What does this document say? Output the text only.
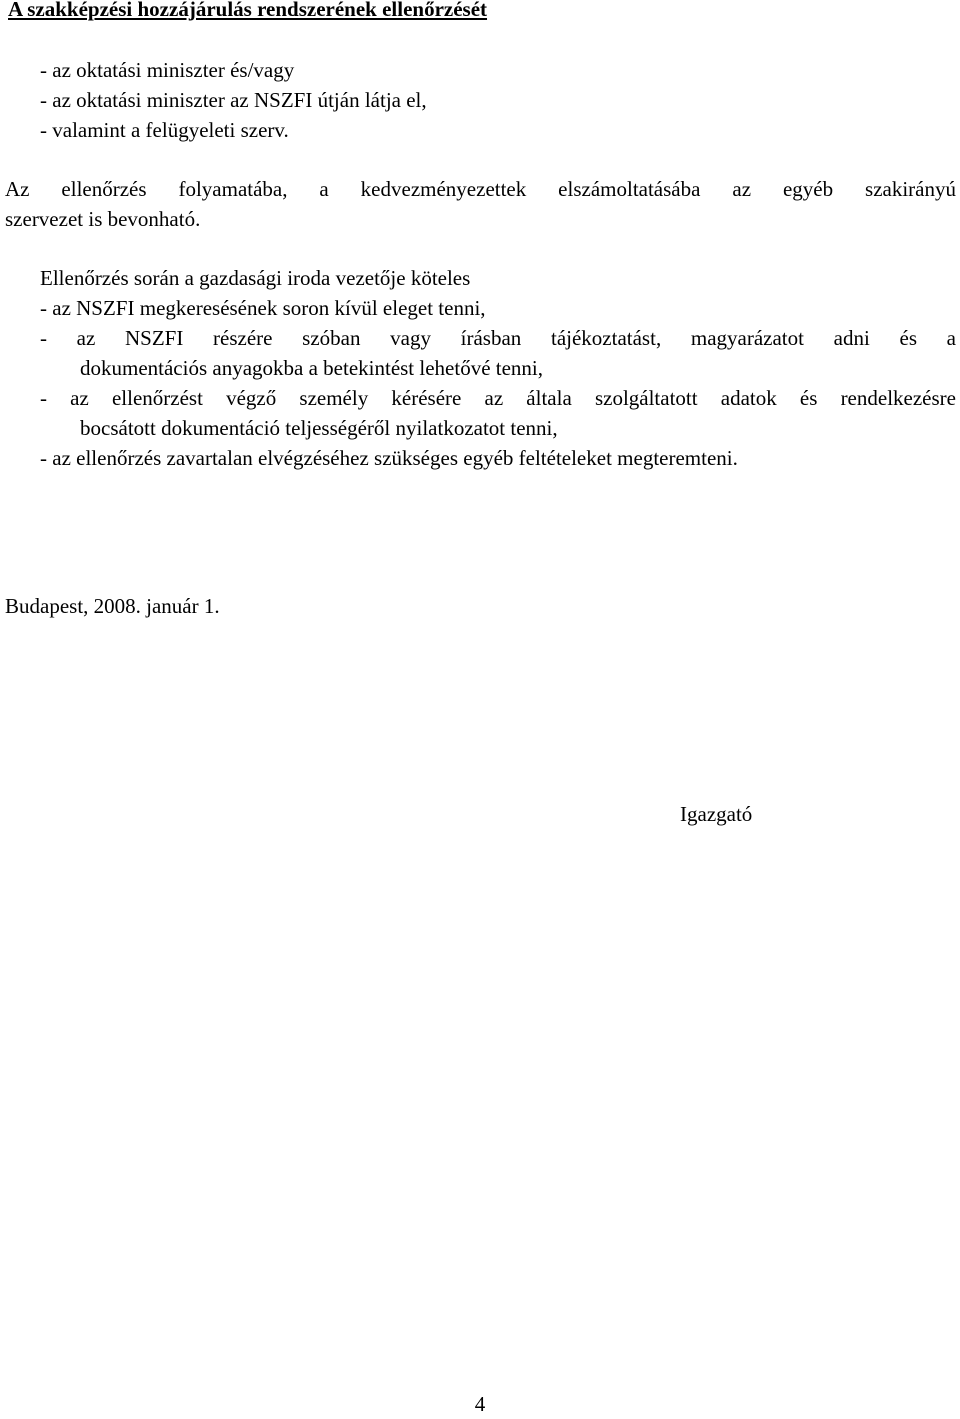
A szakképzési hozzájárulás rendszerének ellenőrzését
- az oktatási miniszter és/vagy
- az oktatási miniszter az NSZFI útján látja el,
- valamint a felügyeleti szerv.
Az ellenőrzés folyamatába, a kedvezményezettek elszámoltatásába az egyéb szakirányú
szervezet is bevonható.
Ellenőrzés során a gazdasági iroda vezetője köteles
- az NSZFI megkeresésének soron kívül eleget tenni,
- az NSZFI részére szóban vagy írásban tájékoztatást, magyarázatot adni és a
dokumentációs anyagokba a betekintést lehetővé tenni,
- az ellenőrzést végző személy kérésére az általa szolgáltatott adatok és rendelkezésre
bocsátott dokumentáció teljességéről nyilatkozatot tenni,
- az ellenőrzés zavartalan elvégzéséhez szükséges egyéb feltételeket megteremteni.
Budapest, 2008. január 1.
Igazgató
4
